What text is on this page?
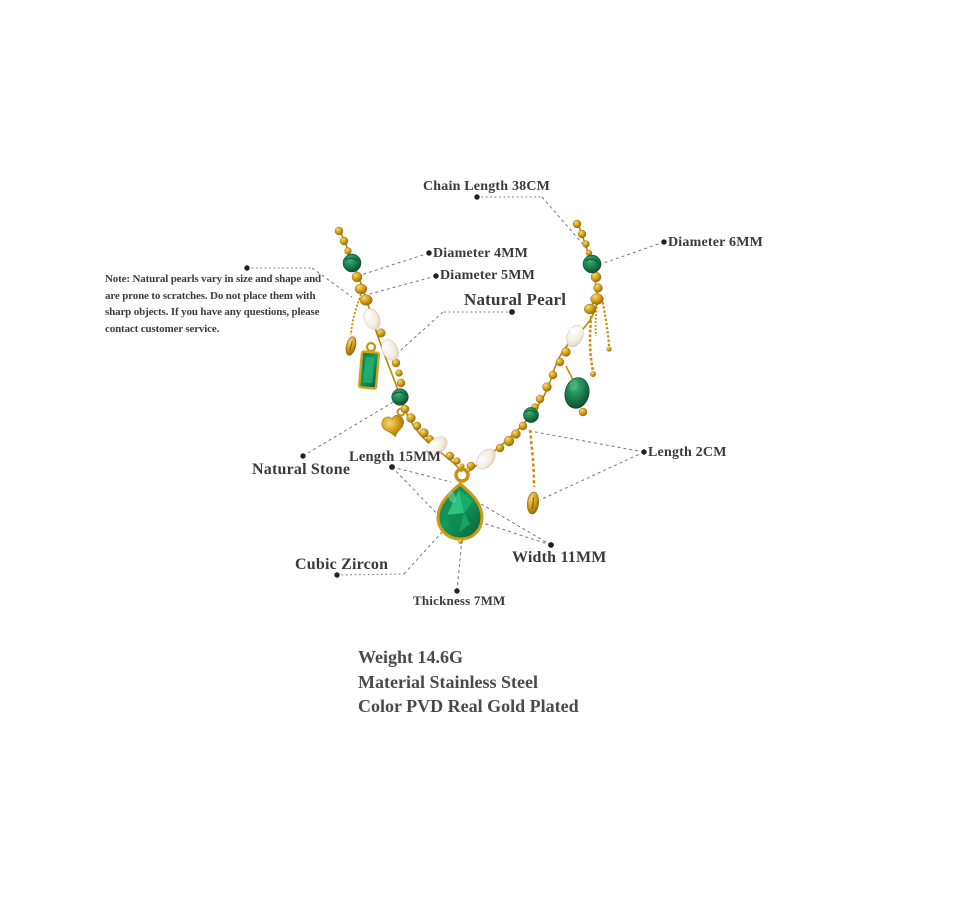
Chain Length 38CM
Diameter 4MM
Diameter 5MM
Diameter 6MM
Natural Pearl
Natural Stone
Length 15MM	Length 2CM
Cubic Zircon	Width 11MM
Thickness 7MM
Note: Natural pearls vary in size and shape and
are prone to scratches. Do not place them with
sharp objects. If you have any questions, please
contact customer service.
Weight 14.6G
Material Stainless Steel
Color PVD Real Gold Plated
